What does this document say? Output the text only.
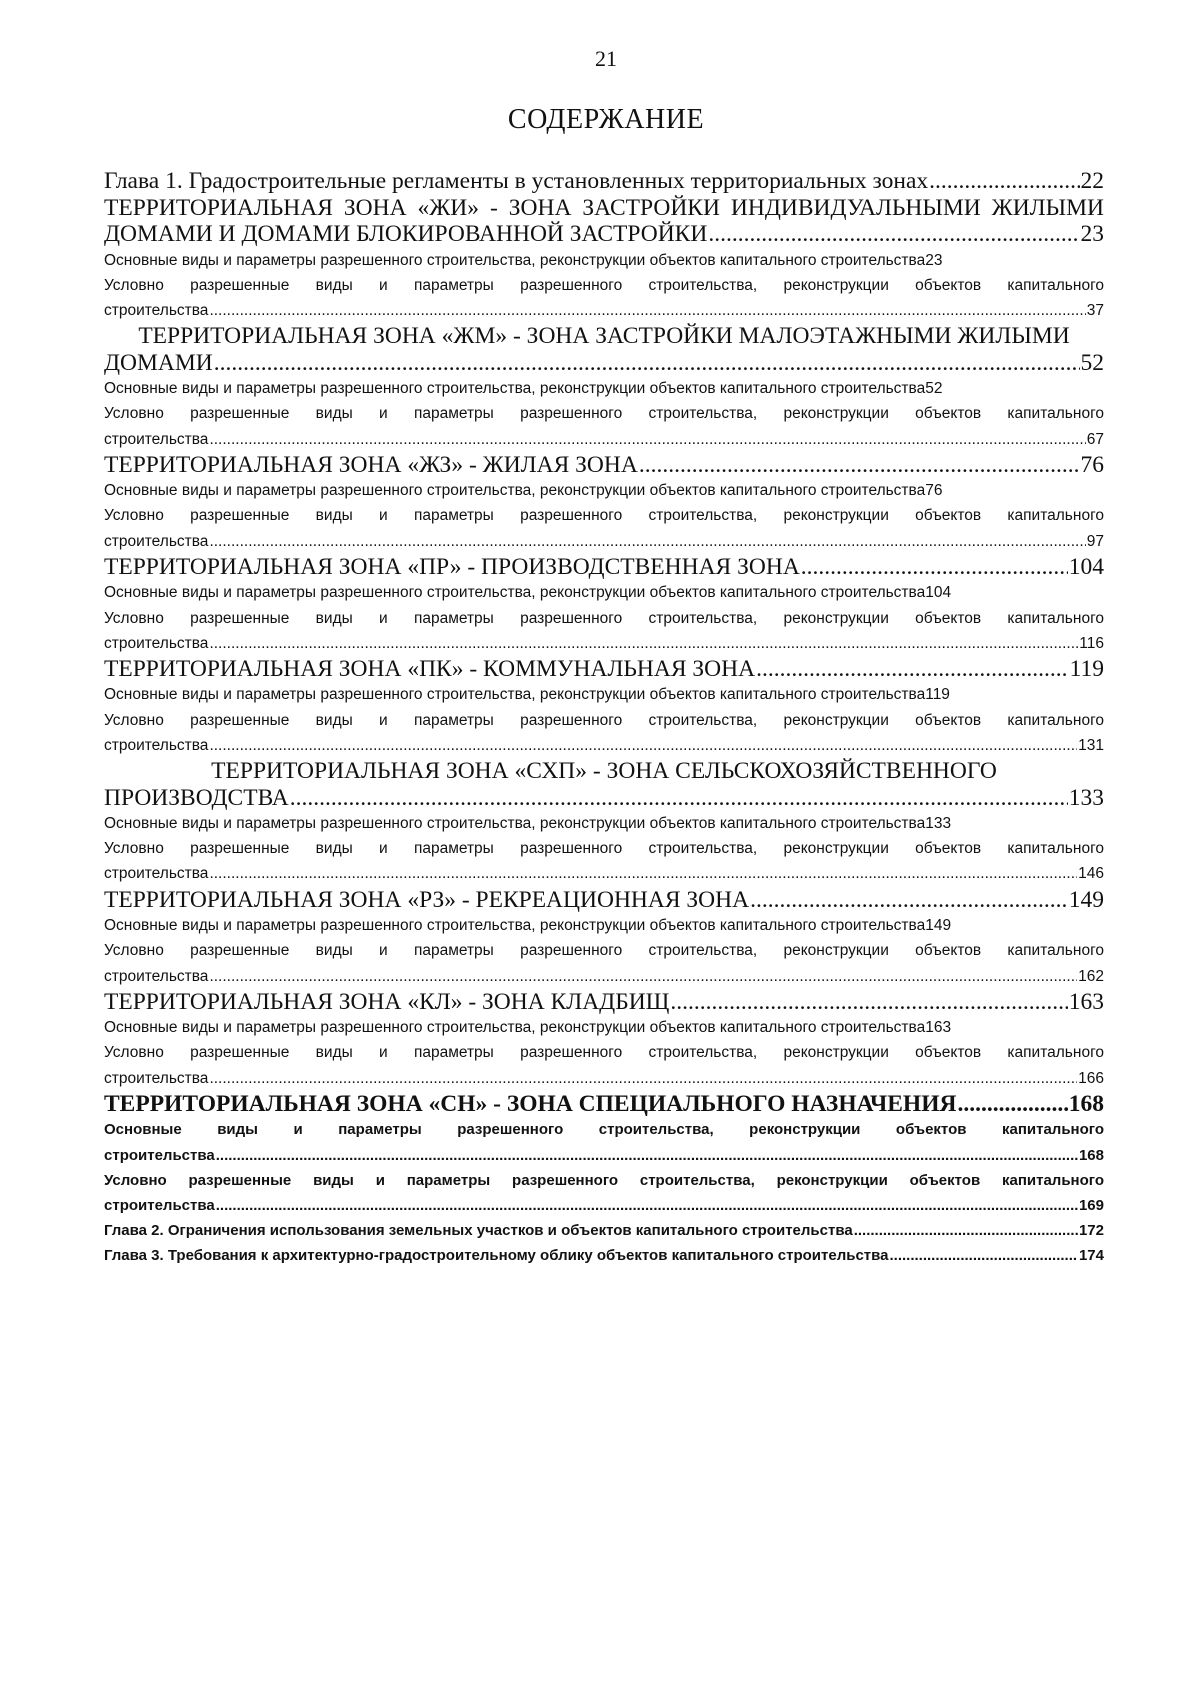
21
СОДЕРЖАНИЕ
Глава 1. Градостроительные регламенты в установленных территориальных зонах .....	22
ТЕРРИТОРИАЛЬНАЯ ЗОНА «ЖИ» - ЗОНА ЗАСТРОЙКИ ИНДИВИДУАЛЬНЫМИ ЖИЛЫМИ
ДОМАМИ И ДОМАМИ БЛОКИРОВАННОЙ ЗАСТРОЙКИ .....	23
Основные виды и параметры разрешенного строительства, реконструкции объектов капитального строительства 23
Условно разрешенные виды и параметры разрешенного строительства, реконструкции объектов капитального
строительства .....	37
ТЕРРИТОРИАЛЬНАЯ ЗОНА «ЖМ» - ЗОНА ЗАСТРОЙКИ МАЛОЭТАЖНЫМИ ЖИЛЫМИ
ДОМАМИ .....	52
Основные виды и параметры разрешенного строительства, реконструкции объектов капитального строительства 52
Условно разрешенные виды и параметры разрешенного строительства, реконструкции объектов капитального
строительства .....	67
ТЕРРИТОРИАЛЬНАЯ ЗОНА «ЖЗ» - ЖИЛАЯ ЗОНА .....	76
Основные виды и параметры разрешенного строительства, реконструкции объектов капитального строительства 76
Условно разрешенные виды и параметры разрешенного строительства, реконструкции объектов капитального
строительства .....	97
ТЕРРИТОРИАЛЬНАЯ ЗОНА «ПР» - ПРОИЗВОДСТВЕННАЯ ЗОНА .....	104
Основные виды и параметры разрешенного строительства, реконструкции объектов капитального строительства 104
Условно разрешенные виды и параметры разрешенного строительства, реконструкции объектов капитального
строительства .....	116
ТЕРРИТОРИАЛЬНАЯ ЗОНА «ПК» - КОММУНАЛЬНАЯ ЗОНА .....	119
Основные виды и параметры разрешенного строительства, реконструкции объектов капитального строительства 119
Условно разрешенные виды и параметры разрешенного строительства, реконструкции объектов капитального
строительства .....	131
ТЕРРИТОРИАЛЬНАЯ ЗОНА «СХП» - ЗОНА СЕЛЬСКОХОЗЯЙСТВЕННОГО
ПРОИЗВОДСТВА .....	133
Основные виды и параметры разрешенного строительства, реконструкции объектов капитального строительства 133
Условно разрешенные виды и параметры разрешенного строительства, реконструкции объектов капитального
строительства .....	146
ТЕРРИТОРИАЛЬНАЯ ЗОНА «РЗ» - РЕКРЕАЦИОННАЯ ЗОНА .....	149
Основные виды и параметры разрешенного строительства, реконструкции объектов капитального строительства 149
Условно разрешенные виды и параметры разрешенного строительства, реконструкции объектов капитального
строительства .....	162
ТЕРРИТОРИАЛЬНАЯ ЗОНА «КЛ» - ЗОНА КЛАДБИЩ .....	163
Основные виды и параметры разрешенного строительства, реконструкции объектов капитального строительства 163
Условно разрешенные виды и параметры разрешенного строительства, реконструкции объектов капитального
строительства .....	166
ТЕРРИТОРИАЛЬНАЯ ЗОНА «СН» - ЗОНА СПЕЦИАЛЬНОГО НАЗНАЧЕНИЯ .....	168
Основные виды и параметры разрешенного строительства, реконструкции объектов капитального
строительства .....	168
Условно разрешенные виды и параметры разрешенного строительства, реконструкции объектов капитального
строительства .....	169
Глава 2. Ограничения использования земельных участков и объектов капитального строительства .....	172
Глава 3. Требования к архитектурно-градостроительному облику объектов капитального строительства .....	174
